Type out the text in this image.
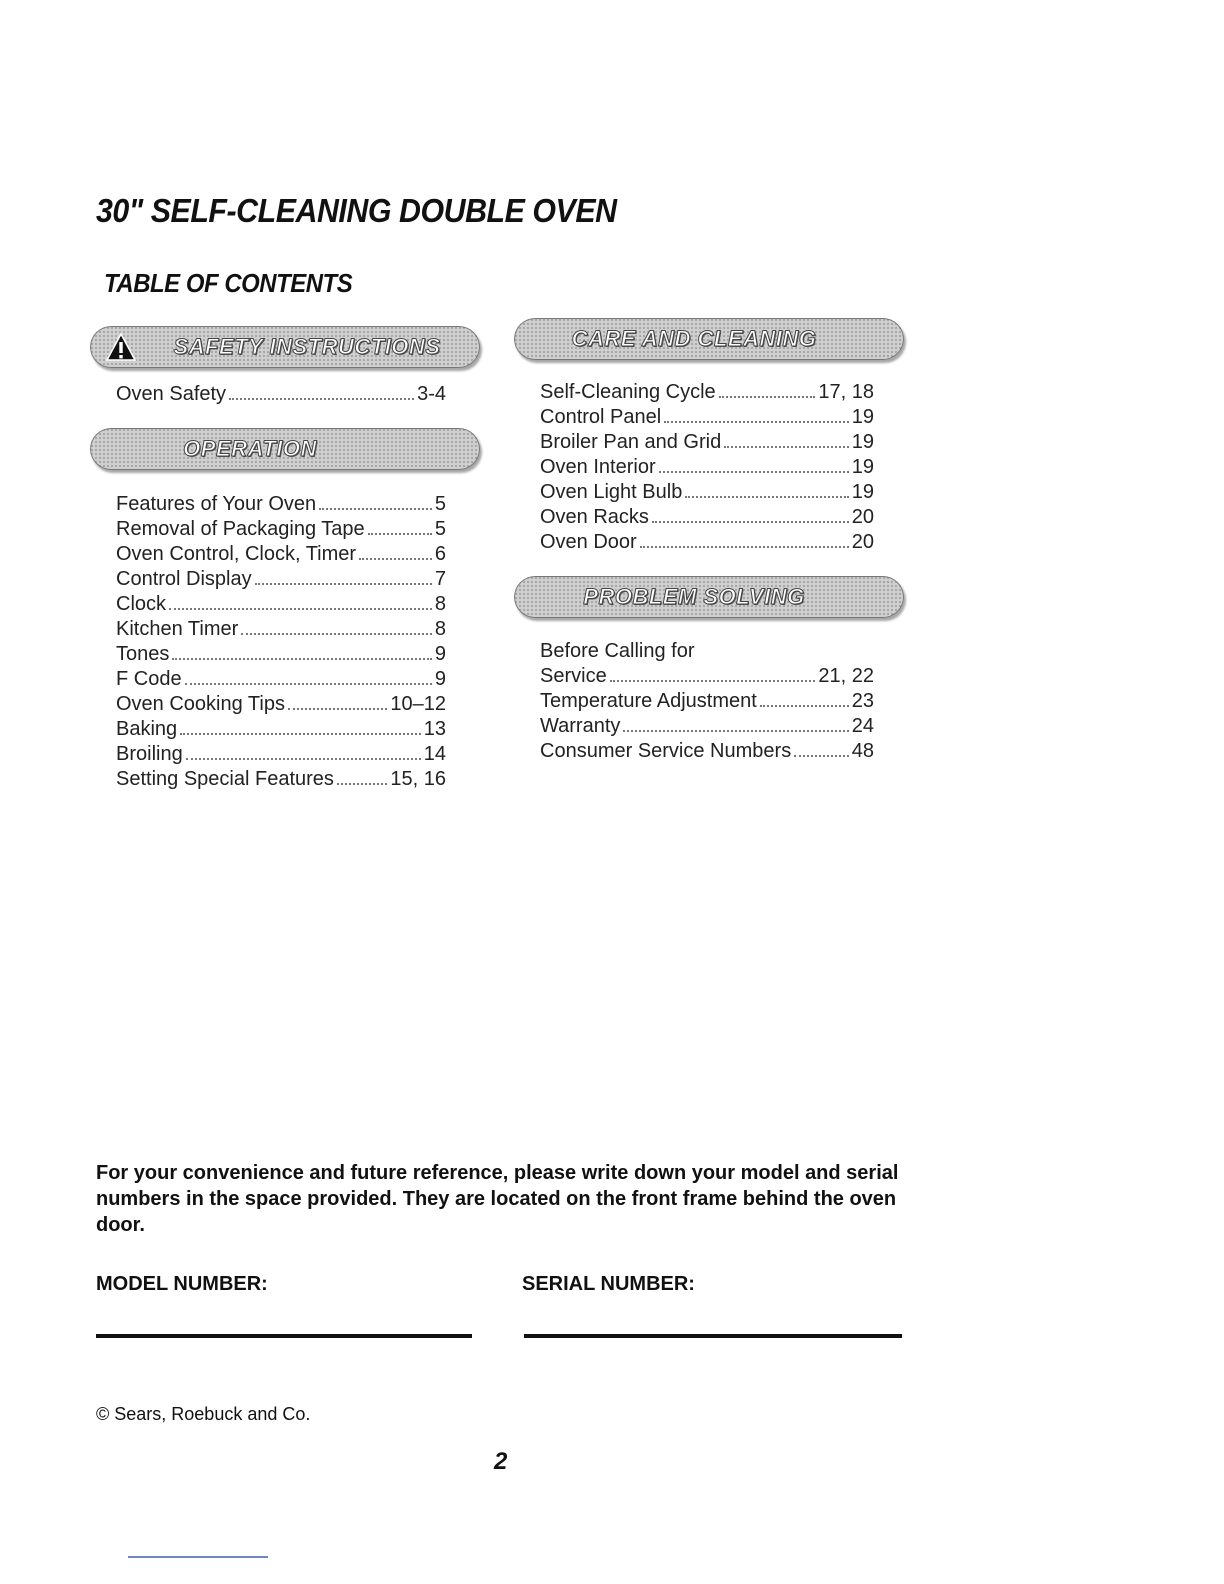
30" SELF-CLEANING DOUBLE OVEN
TABLE OF CONTENTS
SAFETY INSTRUCTIONS
Oven Safety	3-4
OPERATION
Features of Your Oven	5
Removal of Packaging Tape	5
Oven Control, Clock, Timer	6
Control Display	7
Clock	8
Kitchen Timer	8
Tones	9
F Code	9
Oven Cooking Tips	10–12
Baking	13
Broiling	14
Setting Special Features	15, 16
CARE AND CLEANING
Self-Cleaning Cycle	17, 18
Control Panel	19
Broiler Pan and Grid	19
Oven Interior	19
Oven Light Bulb	19
Oven Racks	20
Oven Door	20
PROBLEM SOLVING
Before Calling for
Service	21, 22
Temperature Adjustment	23
Warranty	24
Consumer Service Numbers	48

For your convenience and future reference, please write down your model and serial numbers in the space provided. They are located on the front frame behind the oven door.

MODEL NUMBER:	SERIAL NUMBER:

© Sears, Roebuck and Co.

2
